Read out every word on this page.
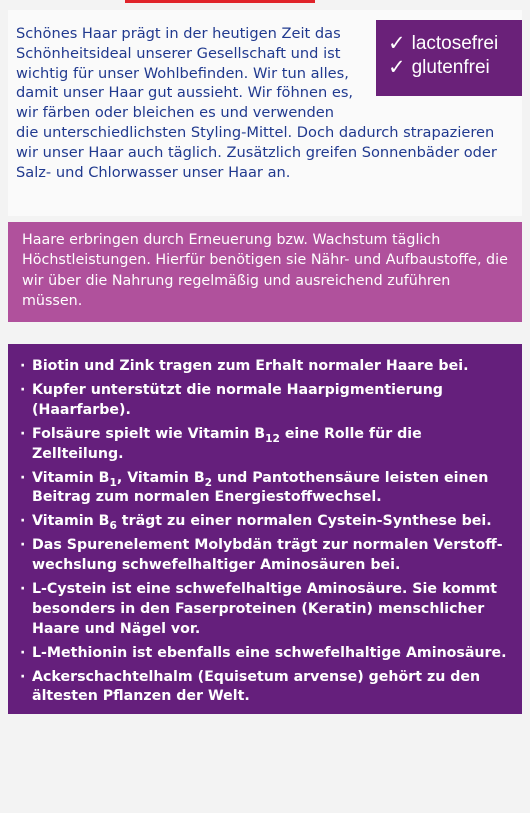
✓ lactosefrei
✓ glutenfrei
Schönes Haar prägt in der heutigen Zeit das Schönheitsideal unserer Gesellschaft und ist wichtig für unser Wohlbefinden. Wir tun alles, damit unser Haar gut aussieht. Wir föhnen es, wir färben oder bleichen es und verwenden die unterschiedlichsten Styling-Mittel. Doch dadurch strapazieren wir unser Haar auch täglich. Zusätzlich greifen Sonnenbäder oder Salz- und Chlorwasser unser Haar an.
Haare erbringen durch Erneuerung bzw. Wachstum täglich Höchstleistungen. Hierfür benötigen sie Nähr- und Aufbaustoffe, die wir über die Nahrung regelmäßig und ausreichend zuführen müssen.
· Biotin und Zink tragen zum Erhalt normaler Haare bei.
· Kupfer unterstützt die normale Haarpigmentierung (Haarfarbe).
· Folsäure spielt wie Vitamin $B_{12}$ eine Rolle für die Zellteilung.
· Vitamin $B_1$, Vitamin $B_2$ und Pantothensäure leisten einen Beitrag zum normalen Energiestoffwechsel.
· Vitamin $B_6$ trägt zu einer normalen Cystein-Synthese bei.
· Das Spurenelement Molybdän trägt zur normalen Verstoffwechslung schwefelhaltiger Aminosäuren bei.
· L-Cystein ist eine schwefelhaltige Aminosäure. Sie kommt besonders in den Faserproteinen (Keratin) menschlicher Haare und Nägel vor.
· L-Methionin ist ebenfalls eine schwefelhaltige Aminosäure.
· Ackerschachtelhalm (Equisetum arvense) gehört zu den ältesten Pflanzen der Welt.
